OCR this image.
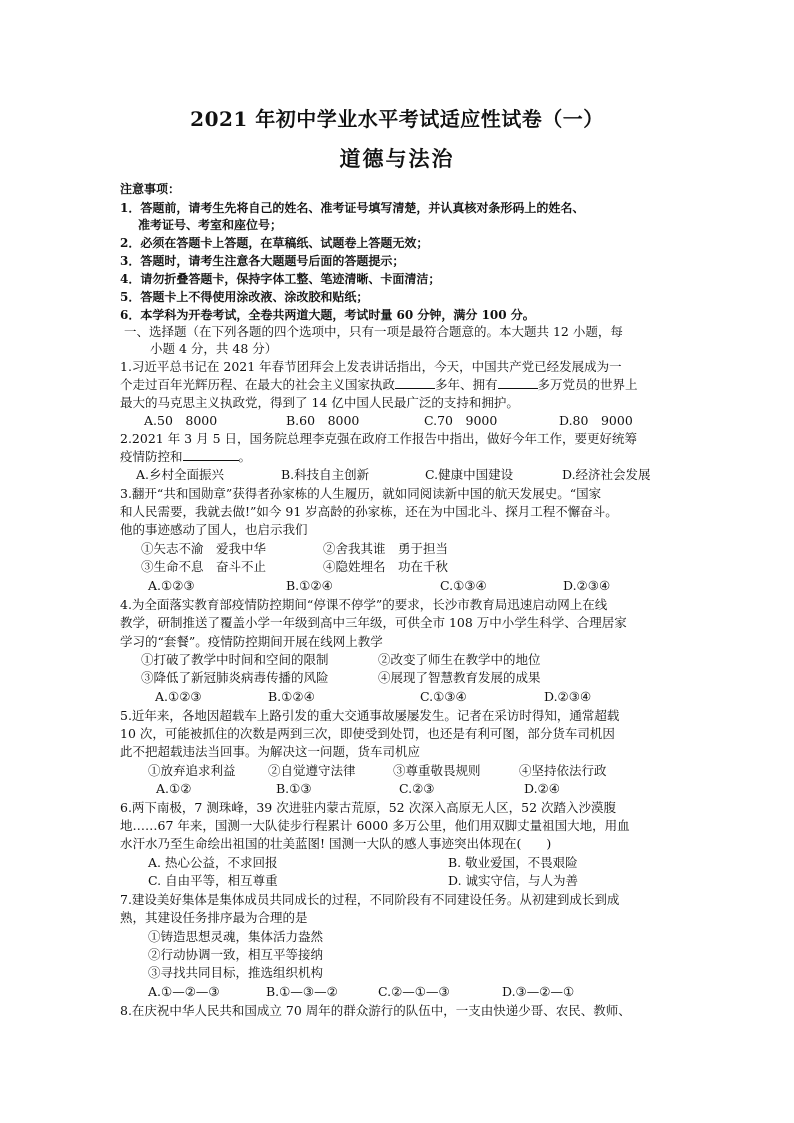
2021 年初中学业水平考试适应性试卷（一）
道德与法治
注意事项：
1．答题前，请考生先将自己的姓名、准考证号填写清楚，并认真核对条形码上的姓名、
准考证号、考室和座位号；
2．必须在答题卡上答题，在草稿纸、试题卷上答题无效；
3．答题时，请考生注意各大题题号后面的答题提示；
4．请勿折叠答题卡，保持字体工整、笔迹清晰、卡面清洁；
5．答题卡上不得使用涂改液、涂改胶和贴纸；
6．本学科为开卷考试，全卷共两道大题，考试时量 60 分钟，满分 100 分。
一、选择题（在下列各题的四个选项中，只有一项是最符合题意的。本大题共 12 小题，每
小题 4 分，共 48 分）
1.习近平总书记在 2021 年春节团拜会上发表讲话指出，今天，中国共产党已经发展成为一
个走过百年光辉历程、在最大的社会主义国家执政	多年、拥有	多万党员的世界上
最大的马克思主义执政党，得到了 14 亿中国人民最广泛的支持和拥护。
A.50　8000	B.60　8000	C.70　9000	D.80　9000
2.2021 年 3 月 5 日，国务院总理李克强在政府工作报告中指出，做好今年工作，要更好统筹
疫情防控和	。
A.乡村全面振兴	B.科技自主创新	C.健康中国建设	D.经济社会发展
3.翻开“共和国勋章”获得者孙家栋的人生履历，就如同阅读新中国的航天发展史。“国家
和人民需要，我就去做!”如今 91 岁高龄的孙家栋，还在为中国北斗、探月工程不懈奋斗。
他的事迹感动了国人，也启示我们
①矢志不渝　爱我中华	②舍我其谁　勇于担当
③生命不息　奋斗不止	④隐姓埋名　功在千秋
A.①②③	B.①②④	C.①③④	D.②③④
4.为全面落实教育部疫情防控期间“停课不停学”的要求，长沙市教育局迅速启动网上在线
教学，研制推送了覆盖小学一年级到高中三年级，可供全市 108 万中小学生科学、合理居家
学习的“套餐”。疫情防控期间开展在线网上教学
①打破了教学中时间和空间的限制	②改变了师生在教学中的地位
③降低了新冠肺炎病毒传播的风险	④展现了智慧教育发展的成果
A.①②③	B.①②④	C.①③④	D.②③④
5.近年来，各地因超载车上路引发的重大交通事故屡屡发生。记者在采访时得知，通常超载
10 次，可能被抓住的次数是两到三次，即使受到处罚，也还是有利可图，部分货车司机因
此不把超载违法当回事。为解决这一问题，货车司机应
①放弃追求利益	②自觉遵守法律	③尊重敬畏规则	④坚持依法行政
A.①②	B.①③	C.②③	D.②④
6.两下南极，7 测珠峰，39 次进驻内蒙古荒原，52 次深入高原无人区，52 次踏入沙漠腹
地……67 年来，国测一大队徒步行程累计 6000 多万公里，他们用双脚丈量祖国大地，用血
水汗水乃至生命绘出祖国的壮美蓝图! 国测一大队的感人事迹突出体现在(　　)
A. 热心公益，不求回报	B. 敬业爱国，不畏艰险
C. 自由平等，相互尊重	D. 诚实守信，与人为善
7.建设美好集体是集体成员共同成长的过程，不同阶段有不同建设任务。从初建到成长到成
熟，其建设任务排序最为合理的是
①铸造思想灵魂，集体活力盎然
②行动协调一致，相互平等接纳
③寻找共同目标，推选组织机构
A.①—②—③	B.①—③—②	C.②—①—③	D.③—②—①
8.在庆祝中华人民共和国成立 70 周年的群众游行的队伍中，一支由快递少哥、农民、教师、
